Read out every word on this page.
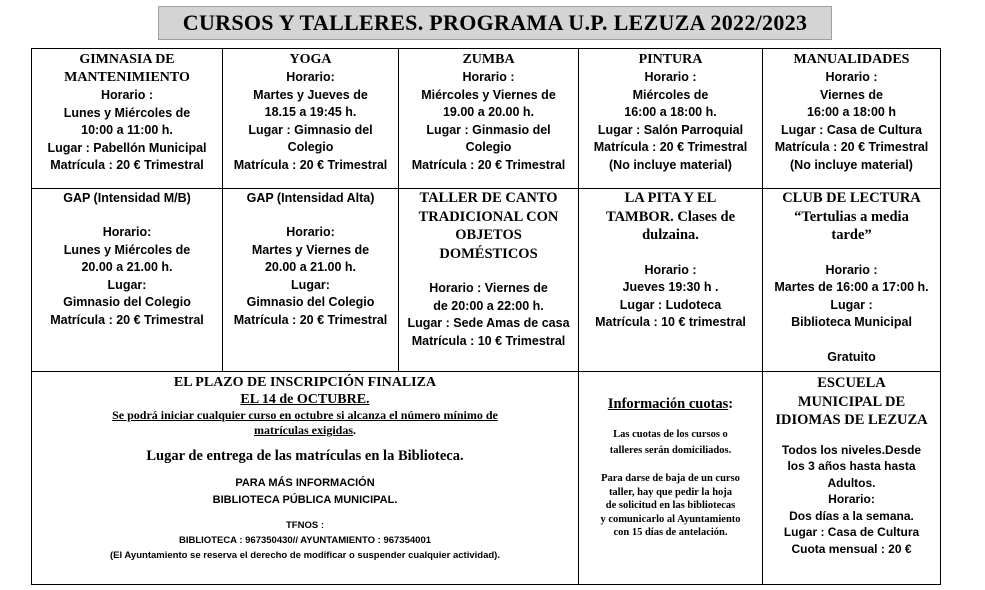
CURSOS Y TALLERES. PROGRAMA U.P. LEZUZA 2022/2023
GIMNASIA DE
MANTENIMIENTO
Horario :
Lunes y Miércoles de
10:00 a 11:00 h.
Lugar : Pabellón Municipal
Matrícula : 20 € Trimestral
YOGA
Horario:
Martes y Jueves de
18.15 a 19:45 h.
Lugar : Gimnasio del
Colegio
Matrícula : 20 € Trimestral
ZUMBA
Horario :
Miércoles y Viernes de
19.00 a 20.00 h.
Lugar : Ginmasio del
Colegio
Matrícula : 20 € Trimestral
PINTURA
Horario :
Miércoles de
16:00 a 18:00 h.
Lugar : Salón Parroquial
Matrícula : 20 € Trimestral
(No incluye material)
MANUALIDADES
Horario :
Viernes de
16:00 a 18:00 h
Lugar : Casa de Cultura
Matrícula : 20 € Trimestral
(No incluye material)
GAP (Intensidad M/B)
Horario:
Lunes y Miércoles de
20.00 a 21.00 h.
Lugar:
Gimnasio del Colegio
Matrícula : 20 € Trimestral
GAP (Intensidad Alta)
Horario:
Martes y Viernes de
20.00 a 21.00 h.
Lugar:
Gimnasio del Colegio
Matrícula : 20 € Trimestral
TALLER DE CANTO
TRADICIONAL CON
OBJETOS
DOMÉSTICOS
Horario : Viernes de
de 20:00 a 22:00 h.
Lugar : Sede Amas de casa
Matrícula : 10 € Trimestral
LA PITA Y EL
TAMBOR. Clases de
dulzaina.
Horario :
Jueves 19:30 h .
Lugar : Ludoteca
Matrícula : 10 € trimestral
CLUB DE LECTURA
“Tertulias a media
tarde”
Horario :
Martes de 16:00 a 17:00 h.
Lugar :
Biblioteca Municipal
Gratuito
EL PLAZO DE INSCRIPCIÓN FINALIZA
EL 14 de OCTUBRE.
Se podrá iniciar cualquier curso en octubre si alcanza el número mínimo de
matrículas exigidas.
Lugar de entrega de las matrículas en la Biblioteca.
PARA MÁS INFORMACIÓN
BIBLIOTECA PÚBLICA MUNICIPAL.
TFNOS :
BIBLIOTECA : 967350430// AYUNTAMIENTO : 967354001
(El Ayuntamiento se reserva el derecho de modificar o suspender cualquier actividad).
Información cuotas:
Las cuotas de los cursos o
talleres serán domiciliados.
Para darse de baja de un curso
taller, hay que pedir la hoja
de solicitud en las bibliotecas
y comunicarlo al Ayuntamiento
con 15 días de antelación.
ESCUELA
MUNICIPAL DE
IDIOMAS DE LEZUZA
Todos los niveles.Desde
los 3 años hasta hasta
Adultos.
Horario:
Dos días a la semana.
Lugar : Casa de Cultura
Cuota mensual : 20 €
